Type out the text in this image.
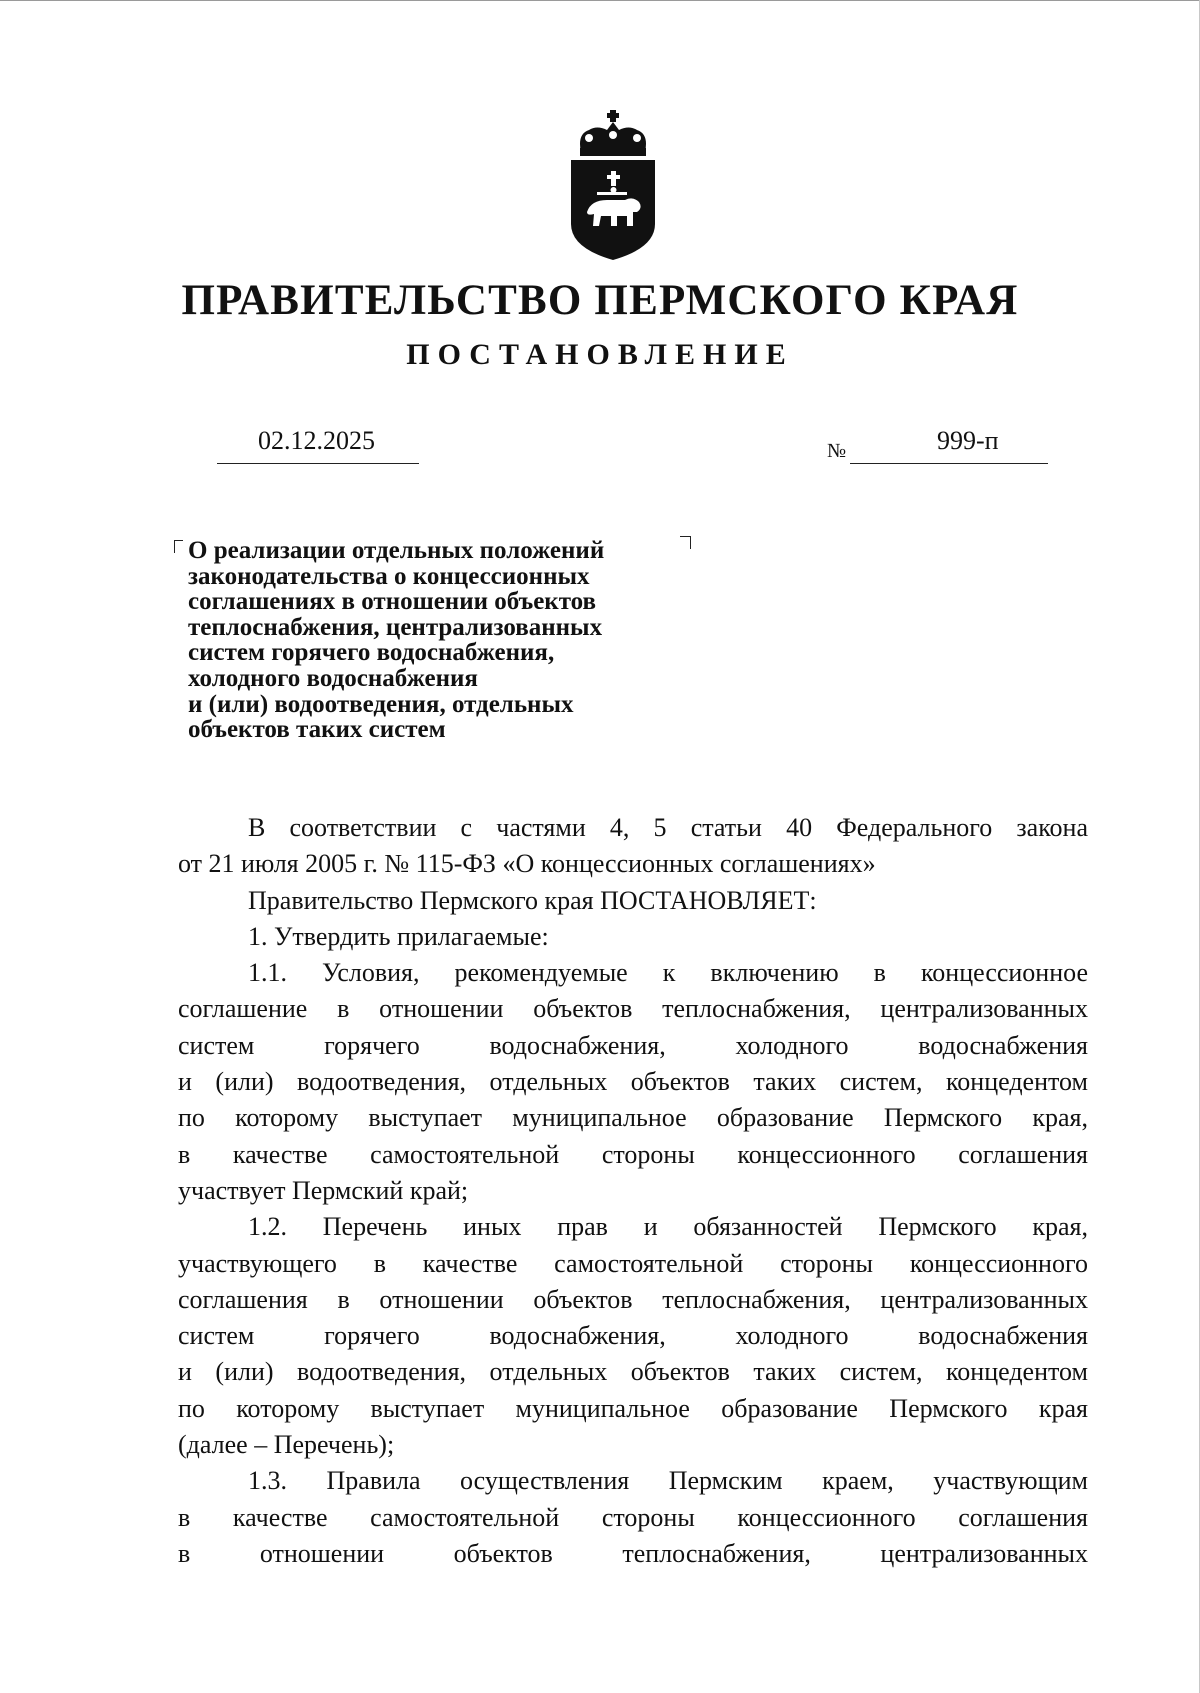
ПРАВИТЕЛЬСТВО ПЕРМСКОГО КРАЯ
ПОСТАНОВЛЕНИЕ
02.12.2025	№	999-п
О реализации отдельных положений
законодательства о концессионных
соглашениях в отношении объектов
теплоснабжения, централизованных
систем горячего водоснабжения,
холодного водоснабжения
и (или) водоотведения, отдельных
объектов таких систем
В соответствии с частями 4, 5 статьи 40 Федерального закона
от 21 июля 2005 г. № 115-ФЗ «О концессионных соглашениях»
Правительство Пермского края ПОСТАНОВЛЯЕТ:
1. Утвердить прилагаемые:
1.1. Условия, рекомендуемые к включению в концессионное
соглашение в отношении объектов теплоснабжения, централизованных
систем горячего водоснабжения, холодного водоснабжения
и (или) водоотведения, отдельных объектов таких систем, концедентом
по которому выступает муниципальное образование Пермского края,
в качестве самостоятельной стороны концессионного соглашения
участвует Пермский край;
1.2. Перечень иных прав и обязанностей Пермского края,
участвующего в качестве самостоятельной стороны концессионного
соглашения в отношении объектов теплоснабжения, централизованных
систем горячего водоснабжения, холодного водоснабжения
и (или) водоотведения, отдельных объектов таких систем, концедентом
по которому выступает муниципальное образование Пермского края
(далее – Перечень);
1.3. Правила осуществления Пермским краем, участвующим
в качестве самостоятельной стороны концессионного соглашения
в отношении объектов теплоснабжения, централизованных
